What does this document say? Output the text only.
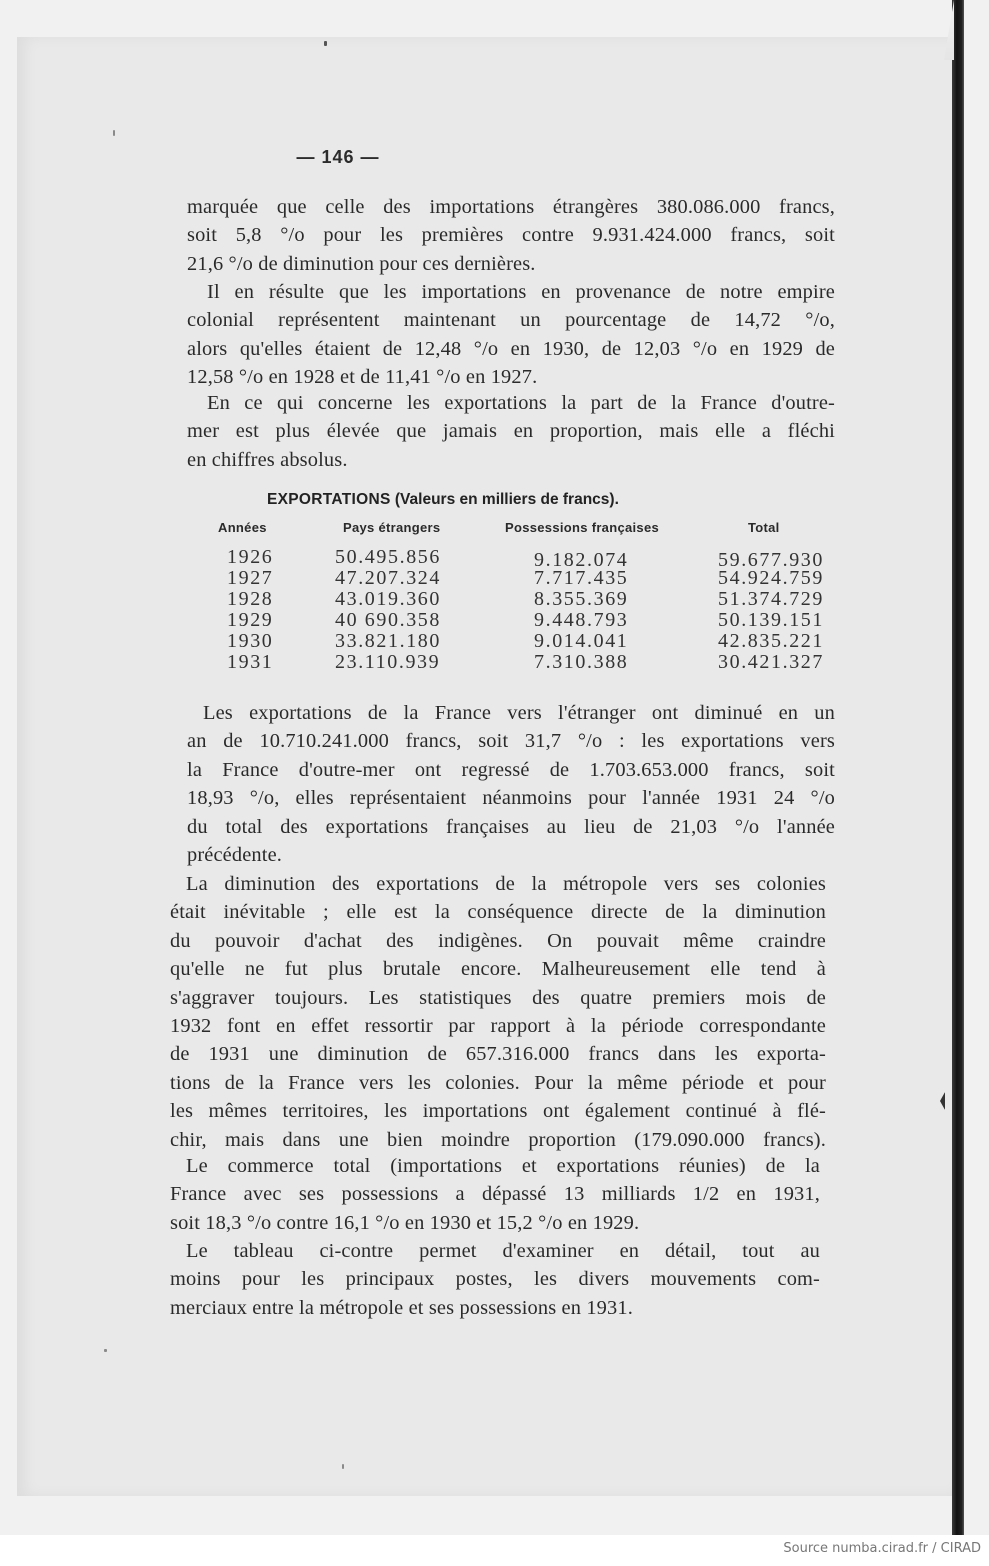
— 146 —

marquée que celle des importations étrangères 380.086.000 francs,
soit 5,8 °/o pour les premières contre 9.931.424.000 francs, soit
21,6 °/o de diminution pour ces dernières.

Il en résulte que les importations en provenance de notre empire
colonial représentent maintenant un pourcentage de 14,72 °/o,
alors qu'elles étaient de 12,48 °/o en 1930, de 12,03 °/o en 1929 de
12,58 °/o en 1928 et de 11,41 °/o en 1927.

En ce qui concerne les exportations la part de la France d'outre-
mer est plus élevée que jamais en proportion, mais elle a fléchi
en chiffres absolus.

EXPORTATIONS (Valeurs en milliers de francs).
Années	Pays étrangers	Possessions françaises	Total
1926	50.495.856	9.182.074	59.677.930
1927	47.207.324	7.717.435	54.924.759
1928	43.019.360	8.355.369	51.374.729
1929	40 690.358	9.448.793	50.139.151
1930	33.821.180	9.014.041	42.835.221
1931	23.110.939	7.310.388	30.421.327

Les exportations de la France vers l'étranger ont diminué en un
an de 10.710.241.000 francs, soit 31,7 °/o : les exportations vers
la France d'outre-mer ont regressé de 1.703.653.000 francs, soit
18,93 °/o, elles représentaient néanmoins pour l'année 1931 24 °/o
du total des exportations françaises au lieu de 21,03 °/o l'année
précédente.

La diminution des exportations de la métropole vers ses colonies
était inévitable ; elle est la conséquence directe de la diminution
du pouvoir d'achat des indigènes. On pouvait même craindre
qu'elle ne fut plus brutale encore. Malheureusement elle tend à
s'aggraver toujours. Les statistiques des quatre premiers mois de
1932 font en effet ressortir par rapport à la période correspondante
de 1931 une diminution de 657.316.000 francs dans les exporta-
tions de la France vers les colonies. Pour la même période et pour
les mêmes territoires, les importations ont également continué à flé-
chir, mais dans une bien moindre proportion (179.090.000 francs).

Le commerce total (importations et exportations réunies) de la
France avec ses possessions a dépassé 13 milliards 1/2 en 1931,
soit 18,3 °/o contre 16,1 °/o en 1930 et 15,2 °/o en 1929.

Le tableau ci-contre permet d'examiner en détail, tout au
moins pour les principaux postes, les divers mouvements com-
merciaux entre la métropole et ses possessions en 1931.

Source numba.cirad.fr / CIRAD
